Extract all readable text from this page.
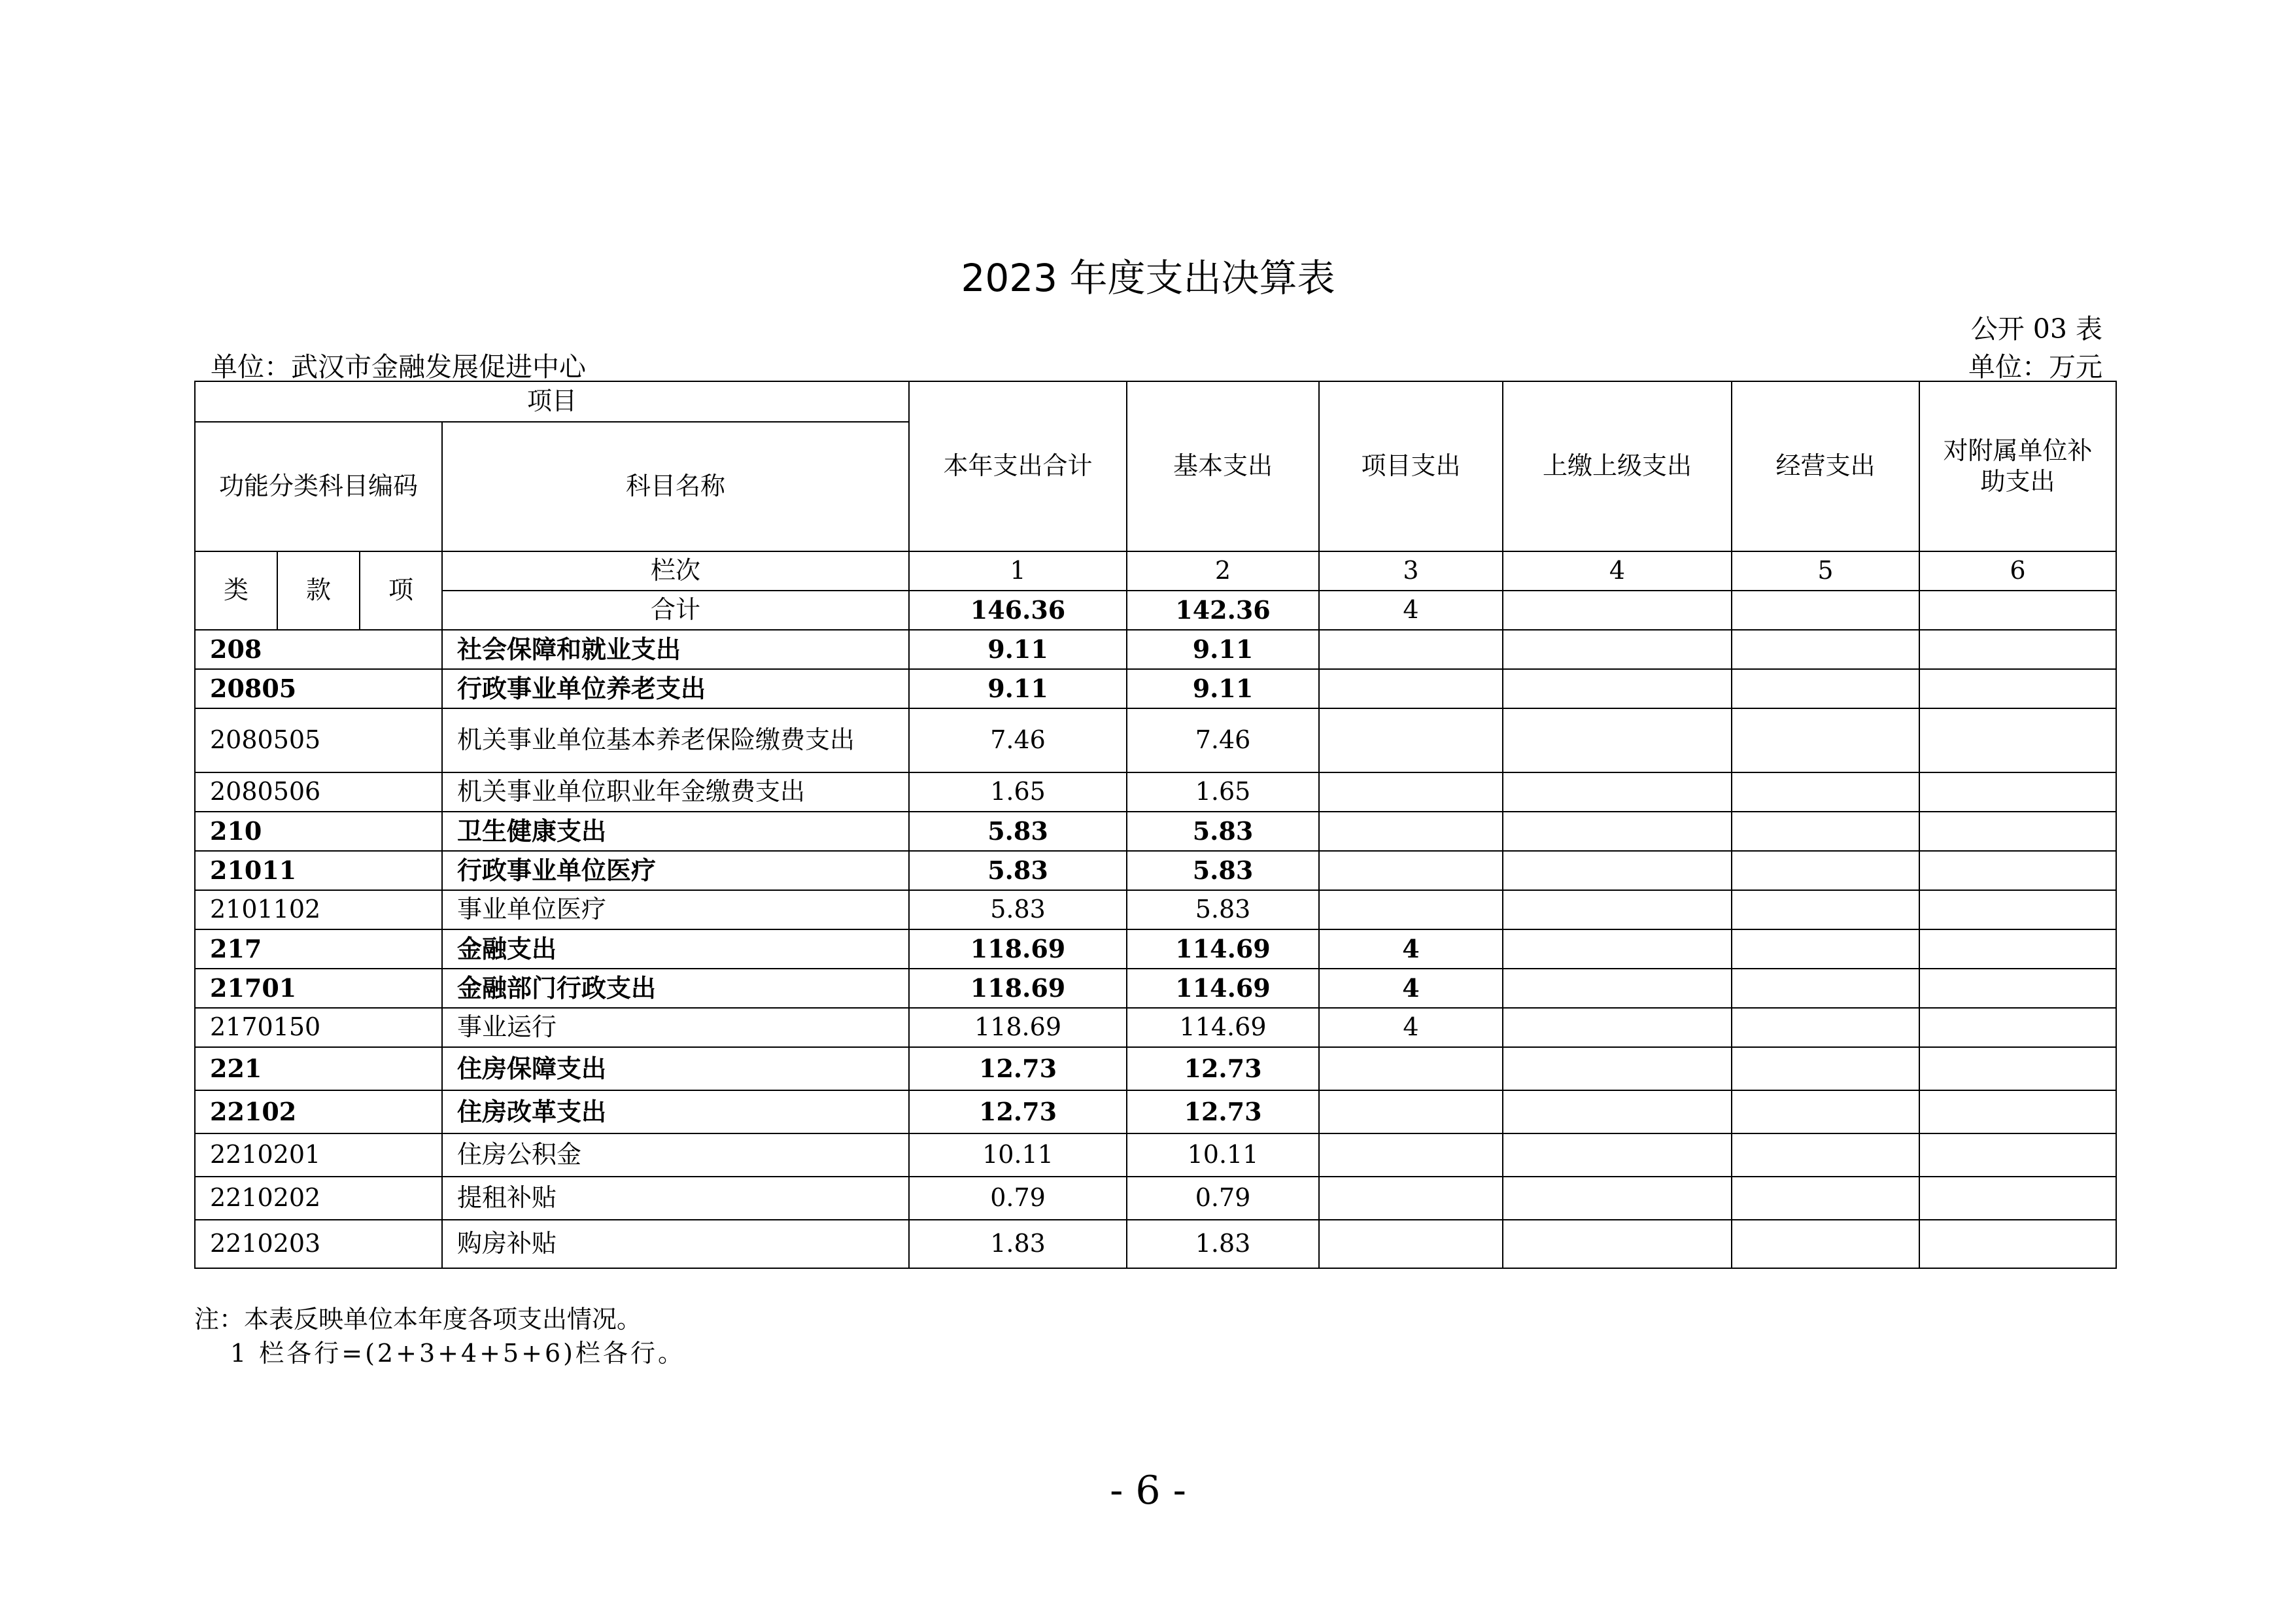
2023 年度支出决算表
公开 03 表
单位：武汉市金融发展促进中心	单位：万元
项目				本年支出合计	基本支出	项目支出	上缴上级支出	经营支出	对附属单位补助支出
功能分类科目编码			科目名称						
类	款	项	栏次	1	2	3	4	5	6
			合计	146.36	142.36	4			
208			社会保障和就业支出	9.11	9.11				
20805			行政事业单位养老支出	9.11	9.11				
2080505			机关事业单位基本养老保险缴费支出	7.46	7.46				
2080506			机关事业单位职业年金缴费支出	1.65	1.65				
210			卫生健康支出	5.83	5.83				
21011			行政事业单位医疗	5.83	5.83				
2101102			事业单位医疗	5.83	5.83				
217			金融支出	118.69	114.69	4			
21701			金融部门行政支出	118.69	114.69	4			
2170150			事业运行	118.69	114.69	4			
221			住房保障支出	12.73	12.73				
22102			住房改革支出	12.73	12.73				
2210201			住房公积金	10.11	10.11				
2210202			提租补贴	0.79	0.79				
2210203			购房补贴	1.83	1.83				
注：本表反映单位本年度各项支出情况。
1 栏各行=(2+3+4+5+6)栏各行。
- 6 -
